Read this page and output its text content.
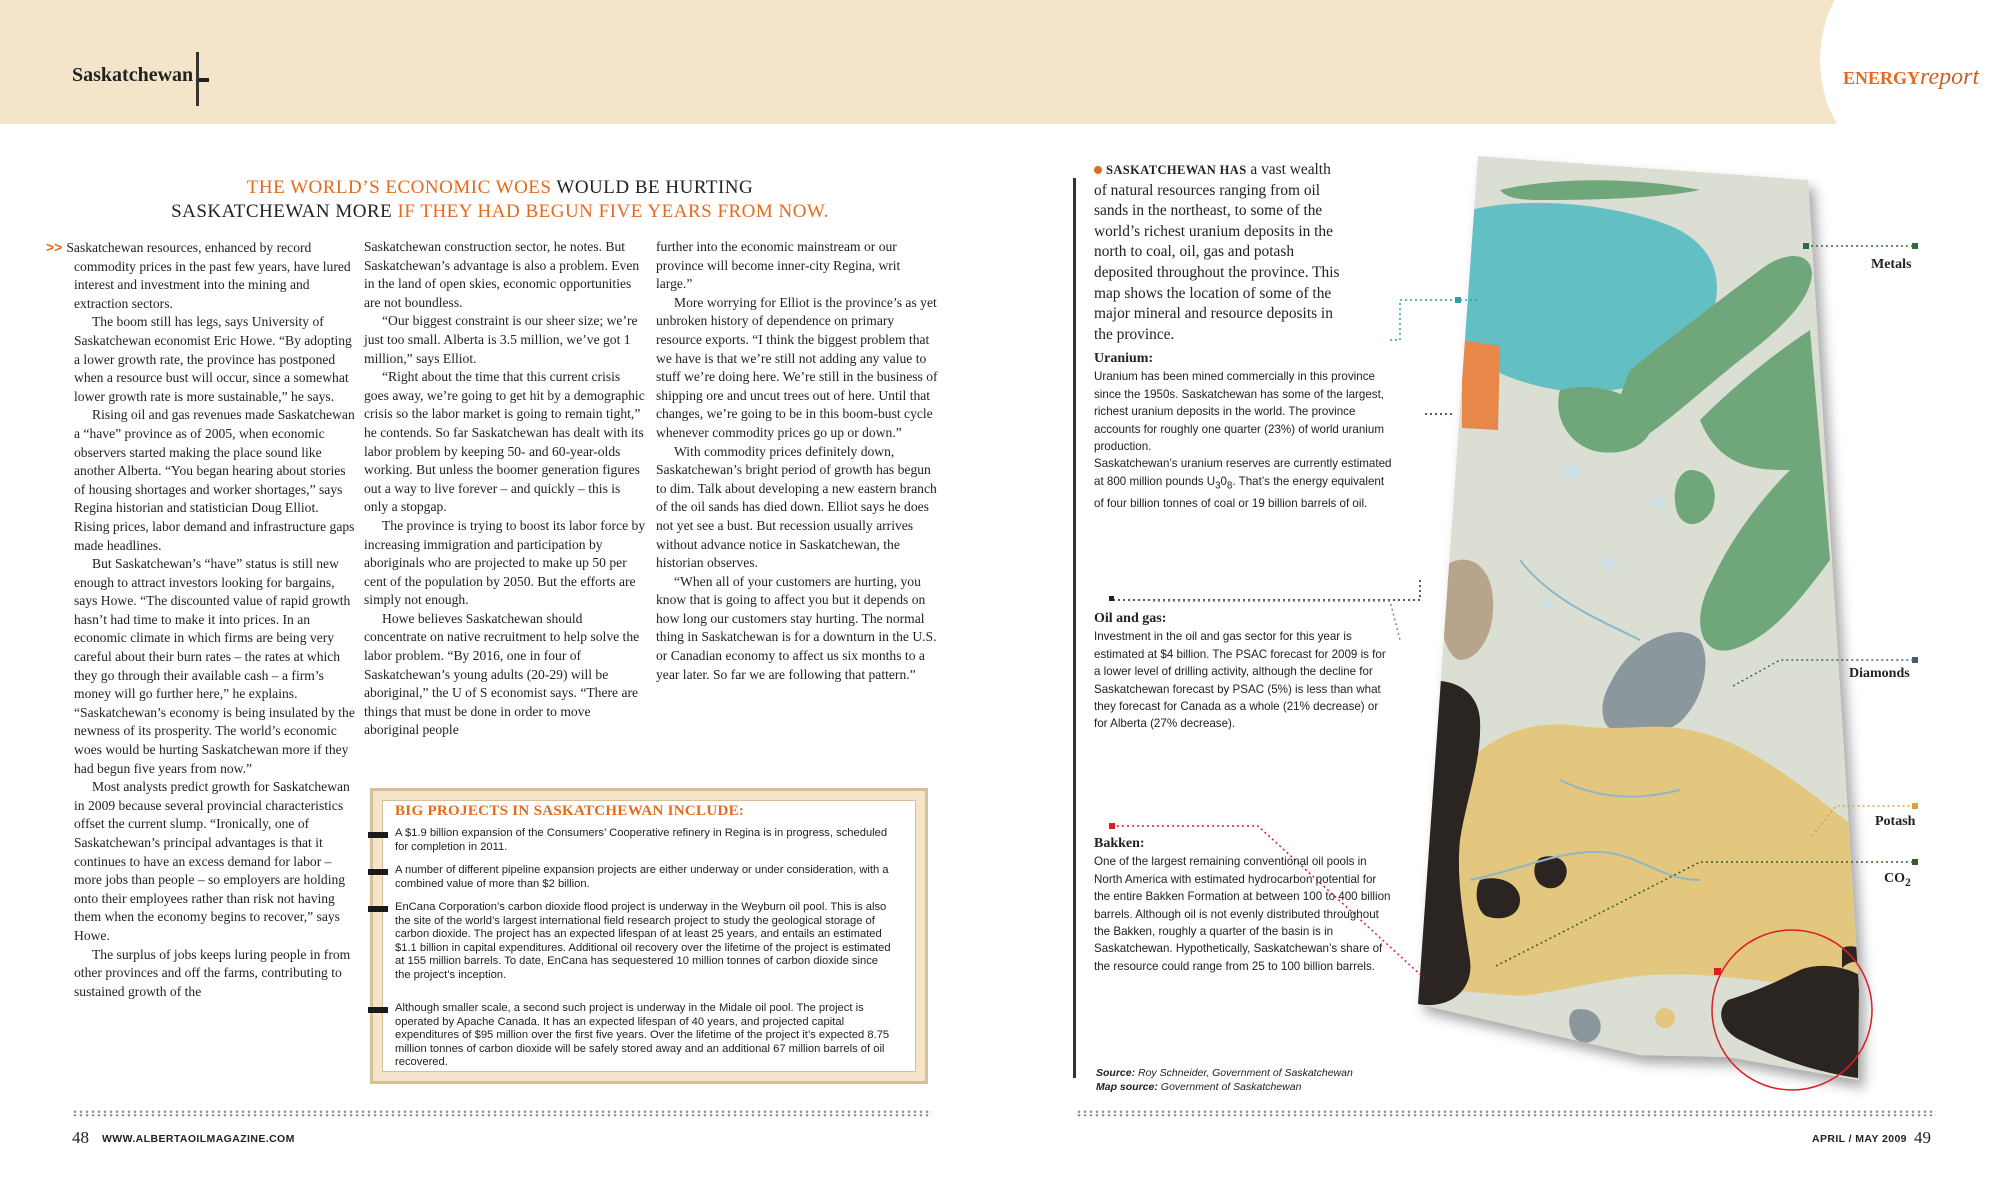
Saskatchewan	ENERGYreport
THE WORLD’S ECONOMIC WOES WOULD BE HURTING
SASKATCHEWAN MORE IF THEY HAD BEGUN FIVE YEARS FROM NOW.

>> Saskatchewan resources, enhanced by record commodity prices in the past few years, have lured interest and investment into the mining and extraction sectors.

The boom still has legs, says University of Saskatchewan economist Eric Howe. “By adopting a lower growth rate, the province has postponed when a resource bust will occur, since a somewhat lower growth rate is more sustainable,” he says.

Rising oil and gas revenues made Saskatchewan a “have” province as of 2005, when economic observers started making the place sound like another Alberta. “You began hearing about stories of housing shortages and worker shortages,” says Regina historian and statistician Doug Elliot. Rising prices, labor demand and infrastructure gaps made headlines.

But Saskatchewan’s “have” status is still new enough to attract investors looking for bargains, says Howe. “The discounted value of rapid growth hasn’t had time to make it into prices. In an economic climate in which firms are being very careful about their burn rates – the rates at which they go through their available cash – a firm’s money will go further here,” he explains. “Saskatchewan’s economy is being insulated by the newness of its prosperity. The world’s economic woes would be hurting Saskatchewan more if they had begun five years from now.”

Most analysts predict growth for Saskatchewan in 2009 because several provincial characteristics offset the current slump. “Ironically, one of Saskatchewan’s principal advantages is that it continues to have an excess demand for labor – more jobs than people – so employers are holding onto their employees rather than risk not having them when the economy begins to recover,” says Howe.

The surplus of jobs keeps luring people in from other provinces and off the farms, contributing to sustained growth of the

Saskatchewan construction sector, he notes. But Saskatchewan’s advantage is also a problem. Even in the land of open skies, economic opportunities are not boundless.

“Our biggest constraint is our sheer size; we’re just too small. Alberta is 3.5 million, we’ve got 1 million,” says Elliot.

“Right about the time that this current crisis goes away, we’re going to get hit by a demographic crisis so the labor market is going to remain tight,” he contends. So far Saskatchewan has dealt with its labor problem by keeping 50- and 60-year-olds working. But unless the boomer generation figures out a way to live forever – and quickly – this is only a stopgap.

The province is trying to boost its labor force by increasing immigration and participation by aboriginals who are projected to make up 50 per cent of the population by 2050. But the efforts are simply not enough.

Howe believes Saskatchewan should concentrate on native recruitment to help solve the labor problem. “By 2016, one in four of Saskatchewan’s young adults (20-29) will be aboriginal,” the U of S economist says. “There are things that must be done in order to move aboriginal people

further into the economic mainstream or our province will become inner-city Regina, writ large.”

More worrying for Elliot is the province’s as yet unbroken history of dependence on primary resource exports. “I think the biggest problem that we have is that we’re still not adding any value to stuff we’re doing here. We’re still in the business of shipping ore and uncut trees out of here. Until that changes, we’re going to be in this boom-bust cycle whenever commodity prices go up or down.”

With commodity prices definitely down, Saskatchewan’s bright period of growth has begun to dim. Talk about developing a new eastern branch of the oil sands has died down. Elliot says he does not yet see a bust. But recession usually arrives without advance notice in Saskatchewan, the historian observes.

“When all of your customers are hurting, you know that is going to affect you but it depends on how long our customers stay hurting. The normal thing in Saskatchewan is for a downturn in the U.S. or Canadian economy to affect us six months to a year later. So far we are following that pattern.”

BIG PROJECTS IN SASKATCHEWAN INCLUDE:
A $1.9 billion expansion of the Consumers’ Cooperative refinery in Regina is in progress, scheduled for completion in 2011.
A number of different pipeline expansion projects are either underway or under consideration, with a combined value of more than $2 billion.
EnCana Corporation’s carbon dioxide flood project is underway in the Weyburn oil pool. This is also the site of the world’s largest international field research project to study the geological storage of carbon dioxide. The project has an expected lifespan of at least 25 years, and entails an estimated $1.1 billion in capital expenditures. Additional oil recovery over the lifetime of the project is estimated at 155 million barrels. To date, EnCana has sequestered 10 million tonnes of carbon dioxide since the project’s inception.
Although smaller scale, a second such project is underway in the Midale oil pool. The project is operated by Apache Canada. It has an expected lifespan of 40 years, and projected capital expenditures of $95 million over the first five years. Over the lifetime of the project it’s expected 8.75 million tonnes of carbon dioxide will be safely stored away and an additional 67 million barrels of oil recovered.
48 WWW.ALBERTAOILMAGAZINE.COM	APRIL / MAY 2009 49
SASKATCHEWAN HAS a vast wealth of natural resources ranging from oil sands in the northeast, to some of the world’s richest uranium deposits in the north to coal, oil, gas and potash deposited throughout the province. This map shows the location of some of the major mineral and resource deposits in the province.
Metals
Diamonds
Potash
$CO_2$
Uranium:
Uranium has been mined commercially in this province since the 1950s. Saskatchewan has some of the largest, richest uranium deposits in the world. The province accounts for roughly one quarter (23%) of world uranium production.
Saskatchewan’s uranium reserves are currently estimated at 800 million pounds $U_30_8$. That’s the energy equivalent of four billion tonnes of coal or 19 billion barrels of oil.
Oil and gas:
Investment in the oil and gas sector for this year is estimated at $4 billion. The PSAC forecast for 2009 is for a lower level of drilling activity, although the decline for Saskatchewan forecast by PSAC (5%) is less than what they forecast for Canada as a whole (21% decrease) or for Alberta (27% decrease).
Bakken:
One of the largest remaining conventional oil pools in North America with estimated hydrocarbon potential for the entire Bakken Formation at between 100 to 400 billion barrels. Although oil is not evenly distributed throughout the Bakken, roughly a quarter of the basin is in Saskatchewan. Hypothetically, Saskatchewan’s share of the resource could range from 25 to 100 billion barrels.
Source: Roy Schneider, Government of Saskatchewan
Map source: Government of Saskatchewan
